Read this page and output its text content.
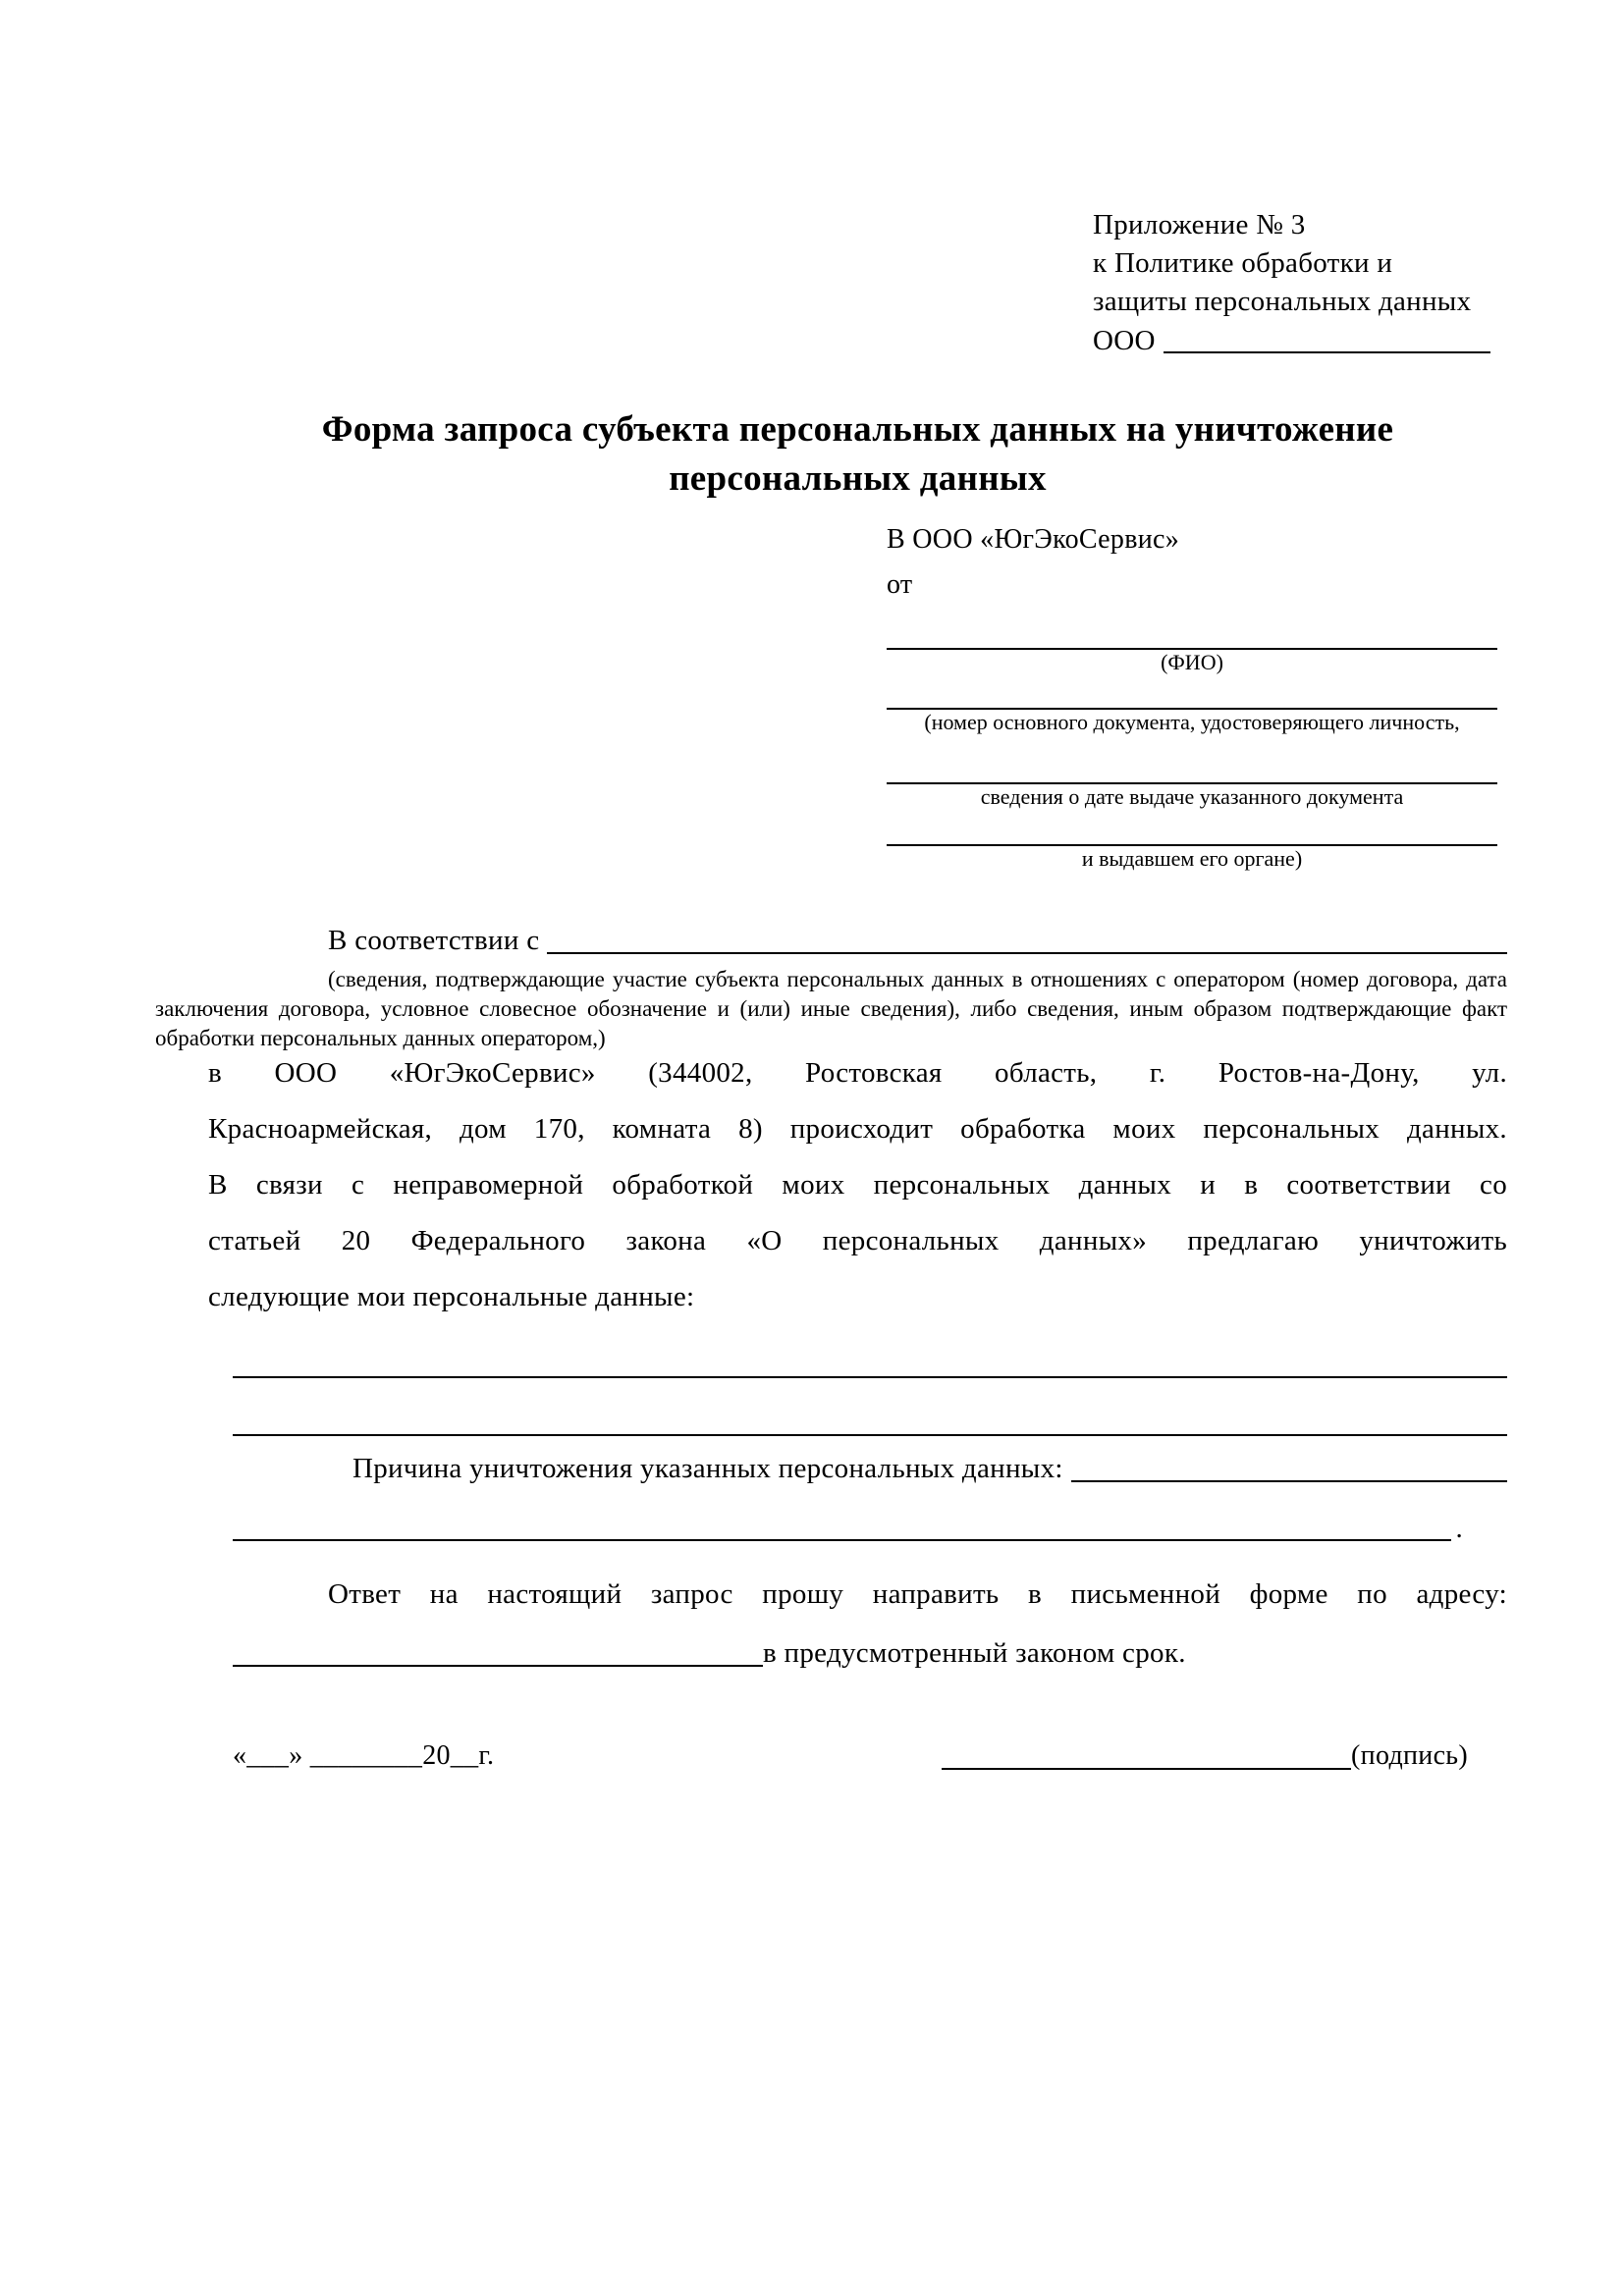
Приложение № 3
к Политике обработки и
защиты персональных данных
ООО
Форма запроса субъекта персональных данных на уничтожение
персональных данных
В ООО «ЮгЭкоСервис»
от
(ФИО)
(номер основного документа, удостоверяющего личность,
сведения о дате выдаче указанного документа
и выдавшем его органе)
В соответствии с
(сведения, подтверждающие участие субъекта персональных данных в отношениях с оператором (номер договора, дата заключения договора, условное словесное обозначение и (или) иные сведения), либо сведения, иным образом подтверждающие факт обработки персональных данных оператором,)
в ООО «ЮгЭкоСервис» (344002, Ростовская область, г. Ростов-на-Дону, ул.
Красноармейская, дом 170, комната 8) происходит обработка моих персональных данных.
В связи с неправомерной обработкой моих персональных данных и в соответствии со
статьей 20 Федерального закона «О персональных данных» предлагаю уничтожить
следующие мои персональные данные:
Причина уничтожения указанных персональных данных:
.
Ответ на настоящий запрос прошу направить в письменной форме по адресу:
в предусмотренный законом срок.
«___» ________20__г.	(подпись)
